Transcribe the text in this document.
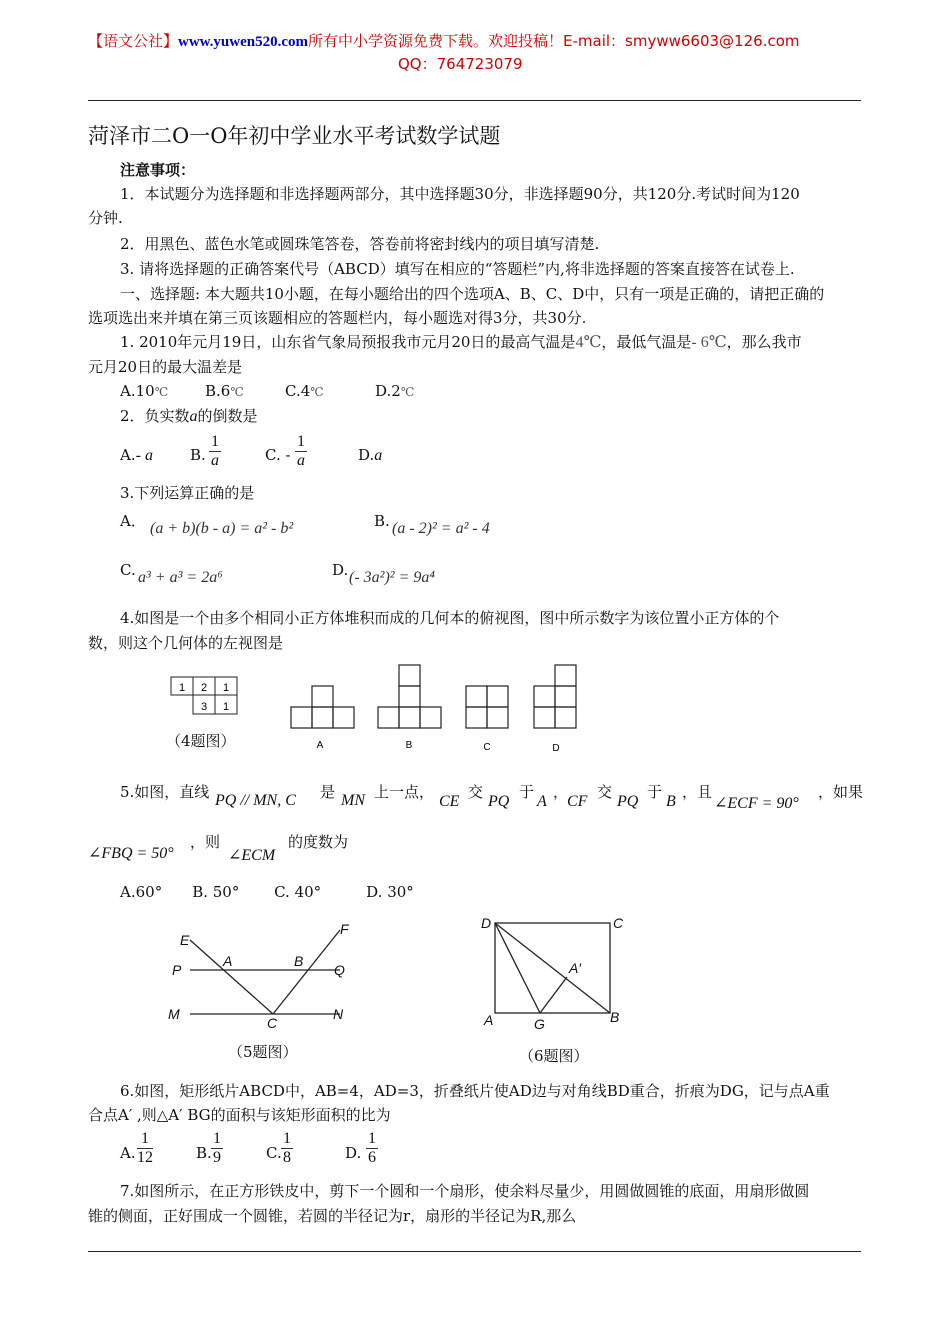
【语文公社】www.yuwen520.com所有中小学资源免费下载。欢迎投稿！E-mail：smyww6603@126.com
QQ：764723079
菏泽市二O一O年初中学业水平考试数学试题
注意事项：
1．本试题分为选择题和非选择题两部分，其中选择题30分，非选择题90分，共120分.考试时间为120
分钟.
2．用黑色、蓝色水笔或圆珠笔答卷，答卷前将密封线内的项目填写清楚.
3. 请将选择题的正确答案代号（ABCD）填写在相应的“答题栏”内,将非选择题的答案直接答在试卷上.
一、选择题: 本大题共10小题，在每小题给出的四个选项A、B、C、D中，只有一项是正确的，请把正确的
选项选出来并填在第三页该题相应的答题栏内，每小题选对得3分，共30分.
1. 2010年元月19日，山东省气象局预报我市元月20日的最高气温是4℃，最低气温是- 6℃，那么我市
元月20日的最大温差是
A.10℃ B.6℃	C.4℃	D.2℃
2．负实数a的倒数是
A.- a B. $\frac{1}{a}$	C. - $\frac{1}{a}$	D.a
3.下列运算正确的是
A． (a + b)(b - a) = a² - b²	B. (a - 2)² = a² - 4
C. a³ + a³ = 2a⁶	D. (- 3a²)² = 9a⁴
4.如图是一个由多个相同小正方体堆积而成的几何本的俯视图，图中所示数字为该位置小正方体的个
数，则这个几何体的左视图是
1 2 1
3 1
A	B	C	D
（4题图）
5.如图，直线 PQ // MN, C 是 MN 上一点，
CE
交
PQ
于
A
，
CF
交
PQ
于
B
，且
∠ECF = 90°
，如果
∠FBQ = 50°
，则
∠ECM
的度数为
A.60°　　B. 50°　　 C. 40°　　　D. 30°
E
F
A	B
P	Q
M
C
N
（5题图）
D	C
A′
A	G	B
（6题图）
6.如图，矩形纸片ABCD中，AB=4，AD=3，折叠纸片使AD边与对角线BD重合，折痕为DG，记与点A重
合点A′ ,则△A′ BG的面积与该矩形面积的比为
A. $\frac{1}{12}$	B. $\frac{1}{9}$	C. $\frac{1}{8}$	D. $\frac{1}{6}$
7.如图所示，在正方形铁皮中，剪下一个圆和一个扇形，使余料尽量少，用圆做圆锥的底面，用扇形做圆
锥的侧面，正好围成一个圆锥，若圆的半径记为r，扇形的半径记为R,那么
